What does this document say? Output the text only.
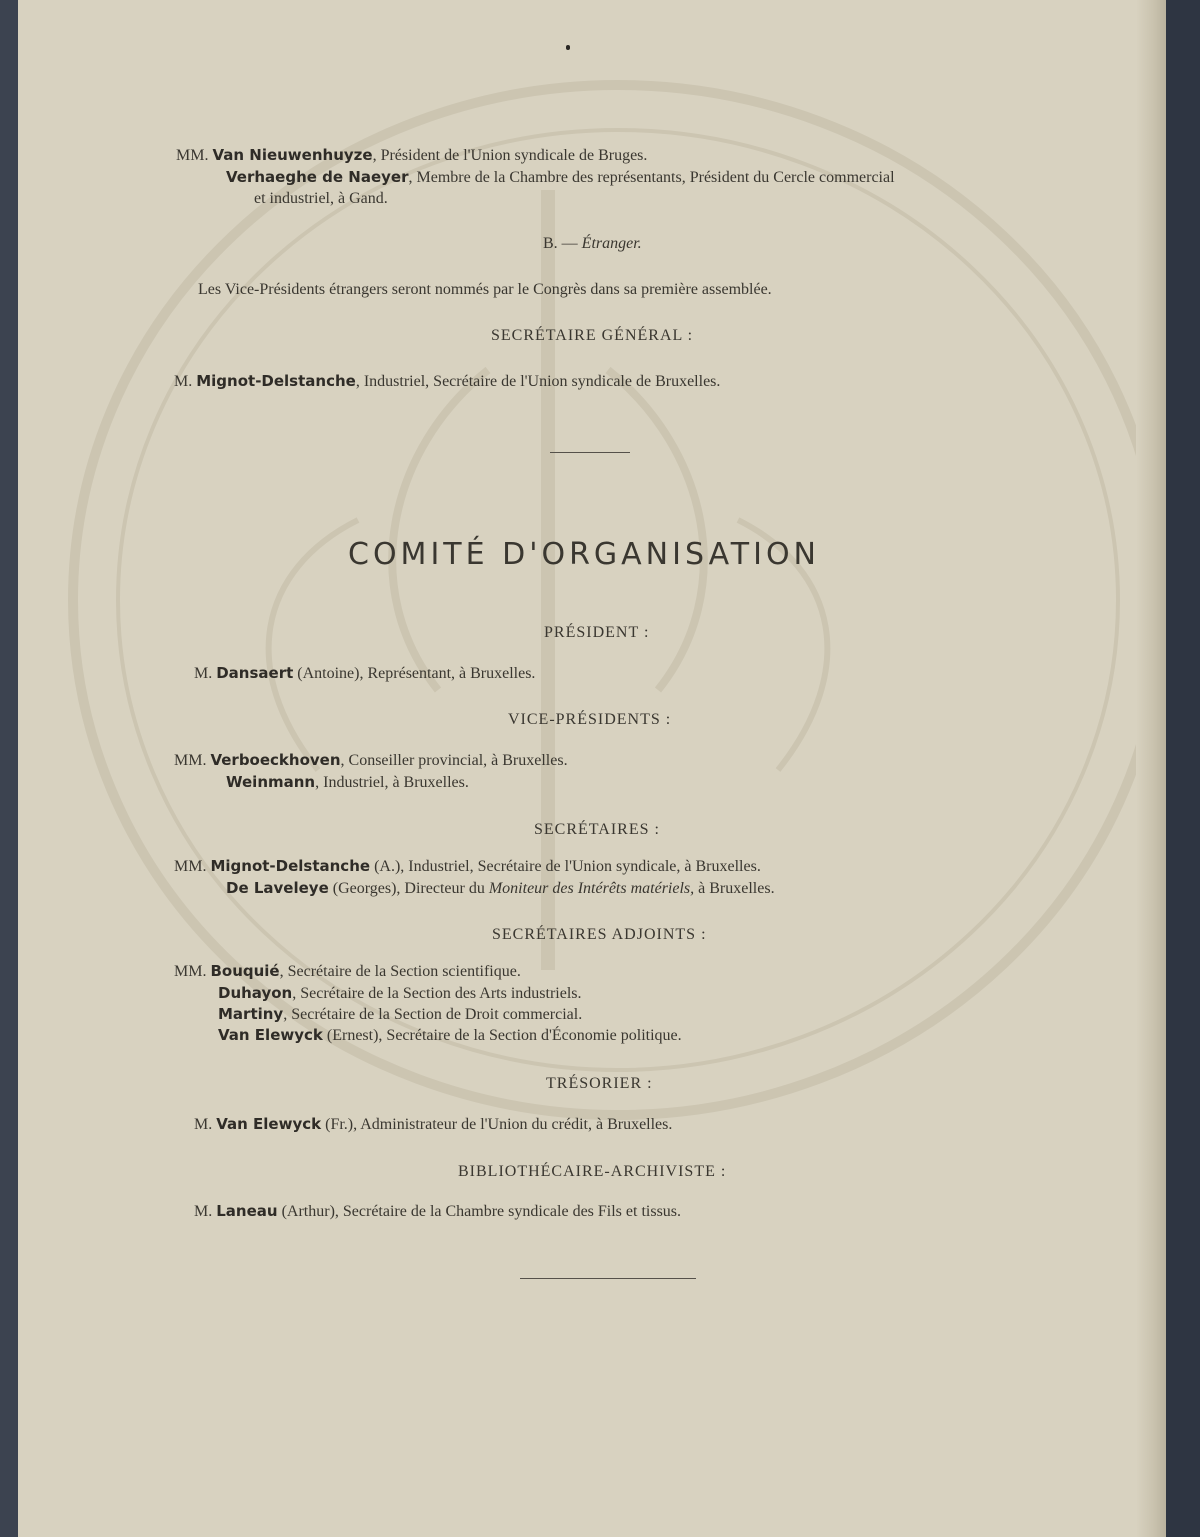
MM. Van Nieuwenhuyze, Président de l'Union syndicale de Bruges.
Verhaeghe de Naeyer, Membre de la Chambre des représentants, Président du Cercle commercial
et industriel, à Gand.
B. — Étranger.
Les Vice-Présidents étrangers seront nommés par le Congrès dans sa première assemblée.
SECRÉTAIRE GÉNÉRAL :
M. Mignot-Delstanche, Industriel, Secrétaire de l'Union syndicale de Bruxelles.
COMITÉ D'ORGANISATION
PRÉSIDENT :
M. Dansaert (Antoine), Représentant, à Bruxelles.
VICE-PRÉSIDENTS :
MM. Verboeckhoven, Conseiller provincial, à Bruxelles.
Weinmann, Industriel, à Bruxelles.
SECRÉTAIRES :
MM. Mignot-Delstanche (A.), Industriel, Secrétaire de l'Union syndicale, à Bruxelles.
De Laveleye (Georges), Directeur du Moniteur des Intérêts matériels, à Bruxelles.
SECRÉTAIRES ADJOINTS :
MM. Bouquié, Secrétaire de la Section scientifique.
Duhayon, Secrétaire de la Section des Arts industriels.
Martiny, Secrétaire de la Section de Droit commercial.
Van Elewyck (Ernest), Secrétaire de la Section d'Économie politique.
TRÉSORIER :
M. Van Elewyck (Fr.), Administrateur de l'Union du crédit, à Bruxelles.
BIBLIOTHÉCAIRE-ARCHIVISTE :
M. Laneau (Arthur), Secrétaire de la Chambre syndicale des Fils et tissus.
